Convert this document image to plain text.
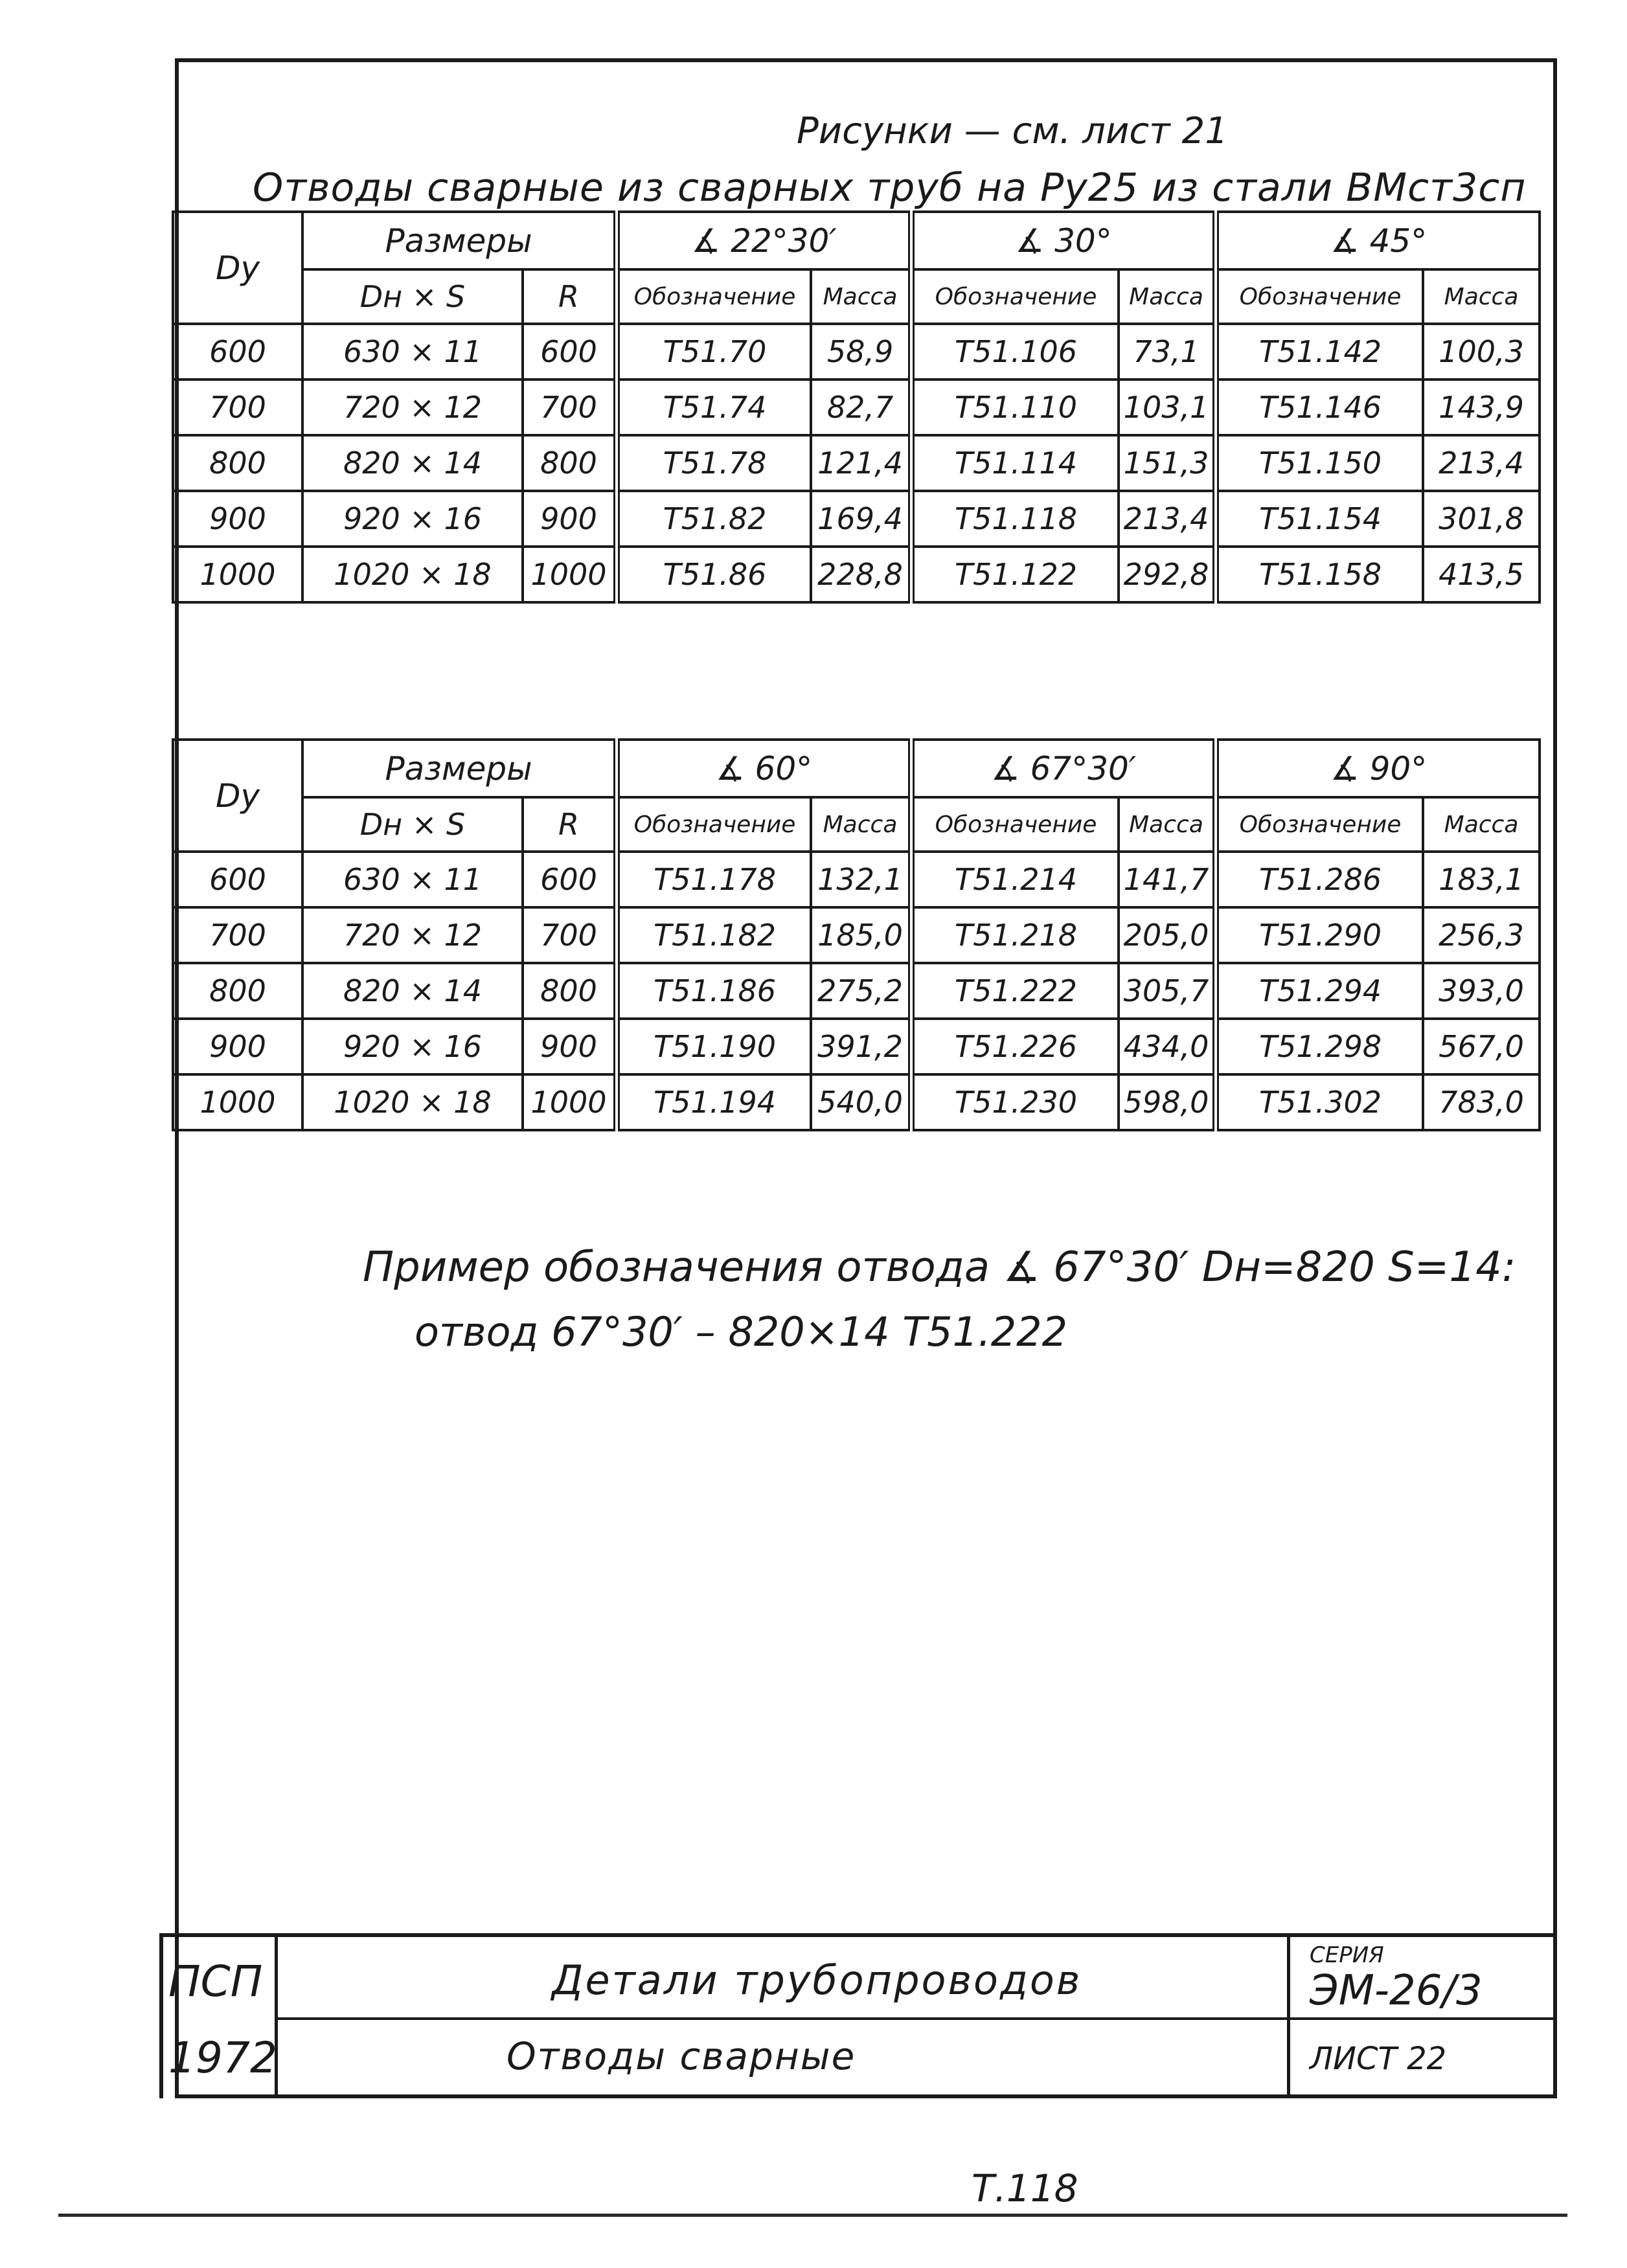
Рисунки — см. лист 21
Отводы сварные из сварных труб на Ру25 из стали ВМст3сп
Dу	Размеры		∡ 22°30′		∡ 30°		∡ 45°	
	Dн × S	R	Обозначение	Масса	Обозначение	Масса	Обозначение	Масса
600	630 × 11	600	Т51.70	58,9	Т51.106	73,1	Т51.142	100,3
700	720 × 12	700	Т51.74	82,7	Т51.110	103,1	Т51.146	143,9
800	820 × 14	800	Т51.78	121,4	Т51.114	151,3	Т51.150	213,4
900	920 × 16	900	Т51.82	169,4	Т51.118	213,4	Т51.154	301,8
1000	1020 × 18	1000	Т51.86	228,8	Т51.122	292,8	Т51.158	413,5
Dу	Размеры		∡ 60°		∡ 67°30′		∡ 90°	
	Dн × S	R	Обозначение	Масса	Обозначение	Масса	Обозначение	Масса
600	630 × 11	600	Т51.178	132,1	Т51.214	141,7	Т51.286	183,1
700	720 × 12	700	Т51.182	185,0	Т51.218	205,0	Т51.290	256,3
800	820 × 14	800	Т51.186	275,2	Т51.222	305,7	Т51.294	393,0
900	920 × 16	900	Т51.190	391,2	Т51.226	434,0	Т51.298	567,0
1000	1020 × 18	1000	Т51.194	540,0	Т51.230	598,0	Т51.302	783,0
Пример обозначения отвода ∡ 67°30′ Dн=820 S=14:
отвод 67°30′ – 820×14 Т51.222
ПСП
1972
Детали трубопроводов
Отводы сварные
СЕРИЯ
ЭМ-26/3
ЛИСТ 22
Т.118
